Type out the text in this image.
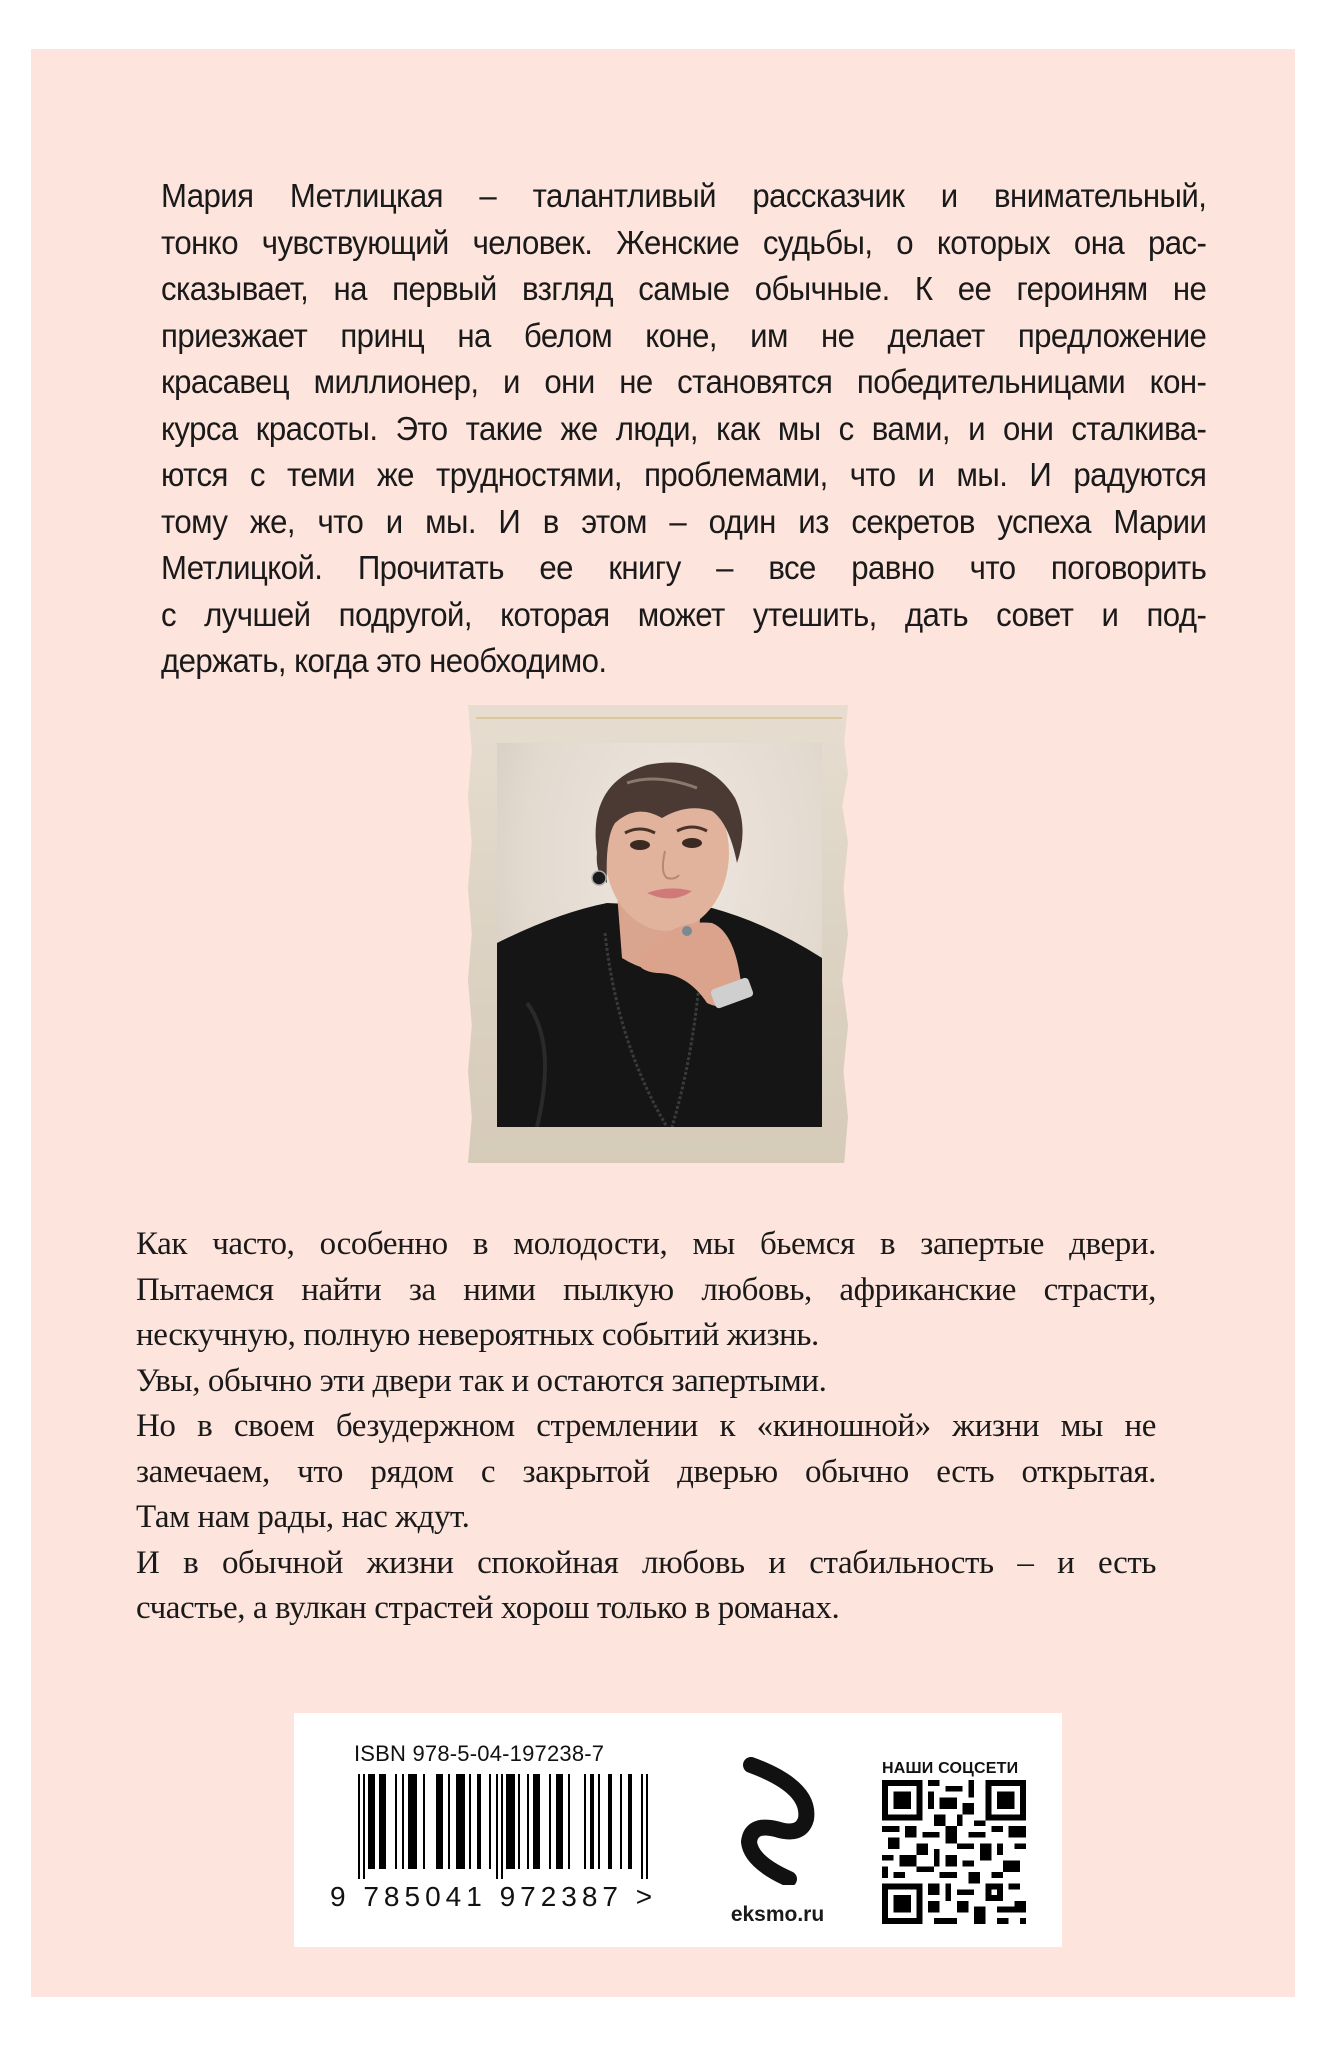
Мария Метлицкая – талантливый рассказчик и внимательный,
тонко чувствующий человек. Женские судьбы, о которых она рас-
сказывает, на первый взгляд самые обычные. К ее героиням не
приезжает принц на белом коне, им не делает предложение
красавец миллионер, и они не становятся победительницами кон-
курса красоты. Это такие же люди, как мы с вами, и они сталкива-
ются с теми же трудностями, проблемами, что и мы. И радуются
тому же, что и мы. И в этом – один из секретов успеха Марии
Метлицкой. Прочитать ее книгу – все равно что поговорить
с лучшей подругой, которая может утешить, дать совет и под-
держать, когда это необходимо.
Как часто, особенно в молодости, мы бьемся в запертые двери.
Пытаемся найти за ними пылкую любовь, африканские страсти,
нескучную, полную невероятных событий жизнь.
Увы, обычно эти двери так и остаются запертыми.
Но в своем безудержном стремлении к «киношной» жизни мы не
замечаем, что рядом с закрытой дверью обычно есть открытая.
Там нам рады, нас ждут.
И в обычной жизни спокойная любовь и стабильность – и есть
счастье, а вулкан страстей хорош только в романах.
ISBN 978-5-04-197238-7
9 785041 972387 >
eksmo.ru
НАШИ СОЦСЕТИ
